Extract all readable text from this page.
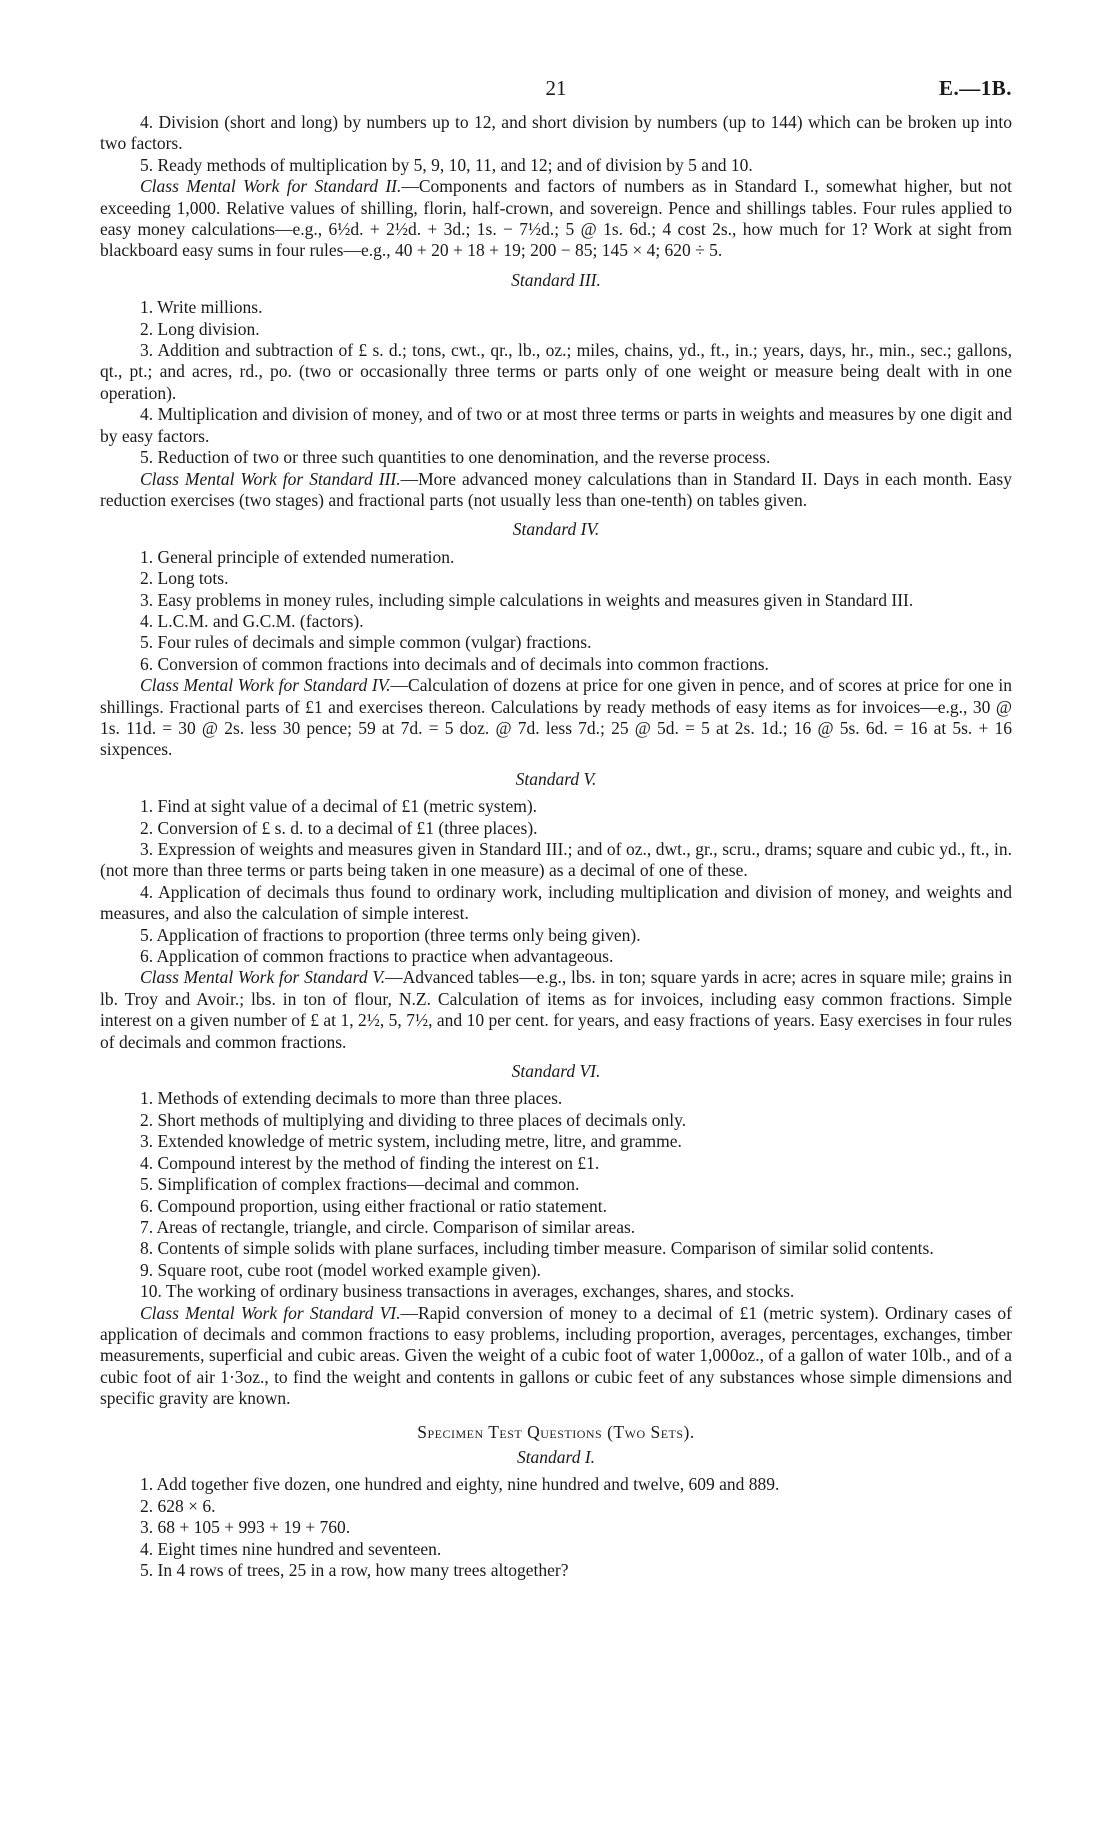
21	E.—1B.

4. Division (short and long) by numbers up to 12, and short division by numbers (up to 144) which can be broken up into two factors.

5. Ready methods of multiplication by 5, 9, 10, 11, and 12; and of division by 5 and 10.

Class Mental Work for Standard II.—Components and factors of numbers as in Standard I., somewhat higher, but not exceeding 1,000. Relative values of shilling, florin, half-crown, and sovereign. Pence and shillings tables. Four rules applied to easy money calculations—e.g., 6½d. + 2½d. + 3d.; 1s. − 7½d.; 5 @ 1s. 6d.; 4 cost 2s., how much for 1? Work at sight from blackboard easy sums in four rules—e.g., 40 + 20 + 18 + 19; 200 − 85; 145 × 4; 620 ÷ 5.

Standard III.

1. Write millions.

2. Long division.

3. Addition and subtraction of £ s. d.; tons, cwt., qr., lb., oz.; miles, chains, yd., ft., in.; years, days, hr., min., sec.; gallons, qt., pt.; and acres, rd., po. (two or occasionally three terms or parts only of one weight or measure being dealt with in one operation).

4. Multiplication and division of money, and of two or at most three terms or parts in weights and measures by one digit and by easy factors.

5. Reduction of two or three such quantities to one denomination, and the reverse process.

Class Mental Work for Standard III.—More advanced money calculations than in Standard II. Days in each month. Easy reduction exercises (two stages) and fractional parts (not usually less than one-tenth) on tables given.

Standard IV.

1. General principle of extended numeration.

2. Long tots.

3. Easy problems in money rules, including simple calculations in weights and measures given in Standard III.

4. L.C.M. and G.C.M. (factors).

5. Four rules of decimals and simple common (vulgar) fractions.

6. Conversion of common fractions into decimals and of decimals into common fractions.

Class Mental Work for Standard IV.—Calculation of dozens at price for one given in pence, and of scores at price for one in shillings. Fractional parts of £1 and exercises thereon. Calculations by ready methods of easy items as for invoices—e.g., 30 @ 1s. 11d. = 30 @ 2s. less 30 pence; 59 at 7d. = 5 doz. @ 7d. less 7d.; 25 @ 5d. = 5 at 2s. 1d.; 16 @ 5s. 6d. = 16 at 5s. + 16 sixpences.

Standard V.

1. Find at sight value of a decimal of £1 (metric system).

2. Conversion of £ s. d. to a decimal of £1 (three places).

3. Expression of weights and measures given in Standard III.; and of oz., dwt., gr., scru., drams; square and cubic yd., ft., in. (not more than three terms or parts being taken in one measure) as a decimal of one of these.

4. Application of decimals thus found to ordinary work, including multiplication and division of money, and weights and measures, and also the calculation of simple interest.

5. Application of fractions to proportion (three terms only being given).

6. Application of common fractions to practice when advantageous.

Class Mental Work for Standard V.—Advanced tables—e.g., lbs. in ton; square yards in acre; acres in square mile; grains in lb. Troy and Avoir.; lbs. in ton of flour, N.Z. Calculation of items as for invoices, including easy common fractions. Simple interest on a given number of £ at 1, 2½, 5, 7½, and 10 per cent. for years, and easy fractions of years. Easy exercises in four rules of decimals and common fractions.

Standard VI.

1. Methods of extending decimals to more than three places.

2. Short methods of multiplying and dividing to three places of decimals only.

3. Extended knowledge of metric system, including metre, litre, and gramme.

4. Compound interest by the method of finding the interest on £1.

5. Simplification of complex fractions—decimal and common.

6. Compound proportion, using either fractional or ratio statement.

7. Areas of rectangle, triangle, and circle. Comparison of similar areas.

8. Contents of simple solids with plane surfaces, including timber measure. Comparison of similar solid contents.

9. Square root, cube root (model worked example given).

10. The working of ordinary business transactions in averages, exchanges, shares, and stocks.

Class Mental Work for Standard VI.—Rapid conversion of money to a decimal of £1 (metric system). Ordinary cases of application of decimals and common fractions to easy problems, including proportion, averages, percentages, exchanges, timber measurements, superficial and cubic areas. Given the weight of a cubic foot of water 1,000oz., of a gallon of water 10lb., and of a cubic foot of air 1·3oz., to find the weight and contents in gallons or cubic feet of any substances whose simple dimensions and specific gravity are known.

Specimen Test Questions (Two Sets).
Standard I.

1. Add together five dozen, one hundred and eighty, nine hundred and twelve, 609 and 889.

2. 628 × 6.

3. 68 + 105 + 993 + 19 + 760.

4. Eight times nine hundred and seventeen.

5. In 4 rows of trees, 25 in a row, how many trees altogether?
